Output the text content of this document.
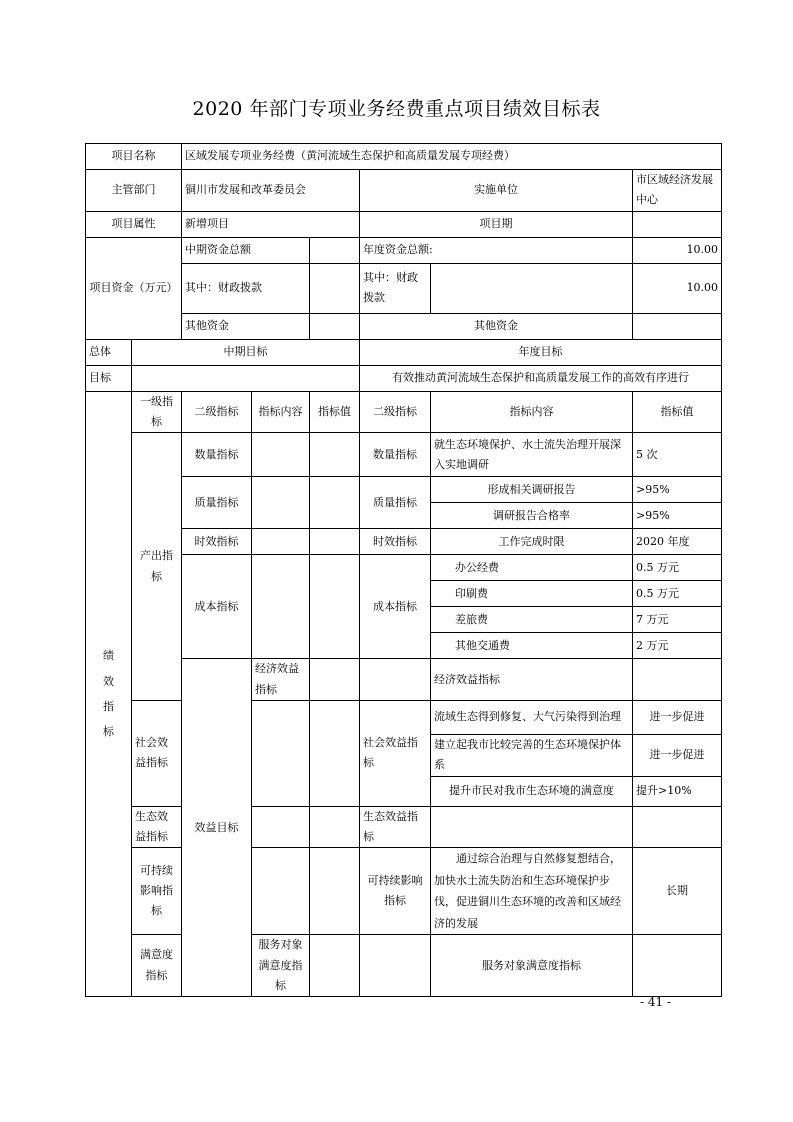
2020 年部门专项业务经费重点项目绩效目标表
项目名称		区域发展专项业务经费（黄河流域生态保护和高质量发展专项经费）						
主管部门		铜川市发展和改革委员会			实施单位		市区域经济发展中心	
项目属性		新增项目			项目期			
项目资金（万元）		中期资金总额			年度资金总额:		10.00	
		其中：财政拨款			其中：财政拨款		10.00	
		其他资金			其他资金			
总体	中期目标				年度目标			
目标					有效推动黄河流域生态保护和高质量发展工作的高效有序进行			
绩效指标	一级指标	二级指标	指标内容	指标值	二级指标	指标内容	指标值	
	产出指标	数量指标			数量指标	就生态环境保护、水土流失治理开展深入实地调研	5 次	
		质量指标			质量指标	形成相关调研报告	>95%	
						调研报告合格率	>95%	
		时效指标			时效指标	工作完成时限	2020 年度	
		成本指标			成本指标	办公经费	0.5 万元	
						印刷费	0.5 万元	
						差旅费	7 万元	
						其他交通费	2 万元	
		效益目标	经济效益指标			经济效益指标		
	社会效益指标				社会效益指标	流域生态得到修复、大气污染得到治理	进一步促进	
						建立起我市比较完善的生态环境保护体系	进一步促进	
						提升市民对我市生态环境的满意度	提升>10%	
	生态效益指标				生态效益指标			
	可持续影响指标				可持续影响指标	通过综合治理与自然修复想结合，加快水土流失防治和生态环境保护步伐，促进铜川生态环境的改善和区域经济的发展	长期	
	满意度指标		服务对象满意度指标			服务对象满意度指标		
- 41 -
